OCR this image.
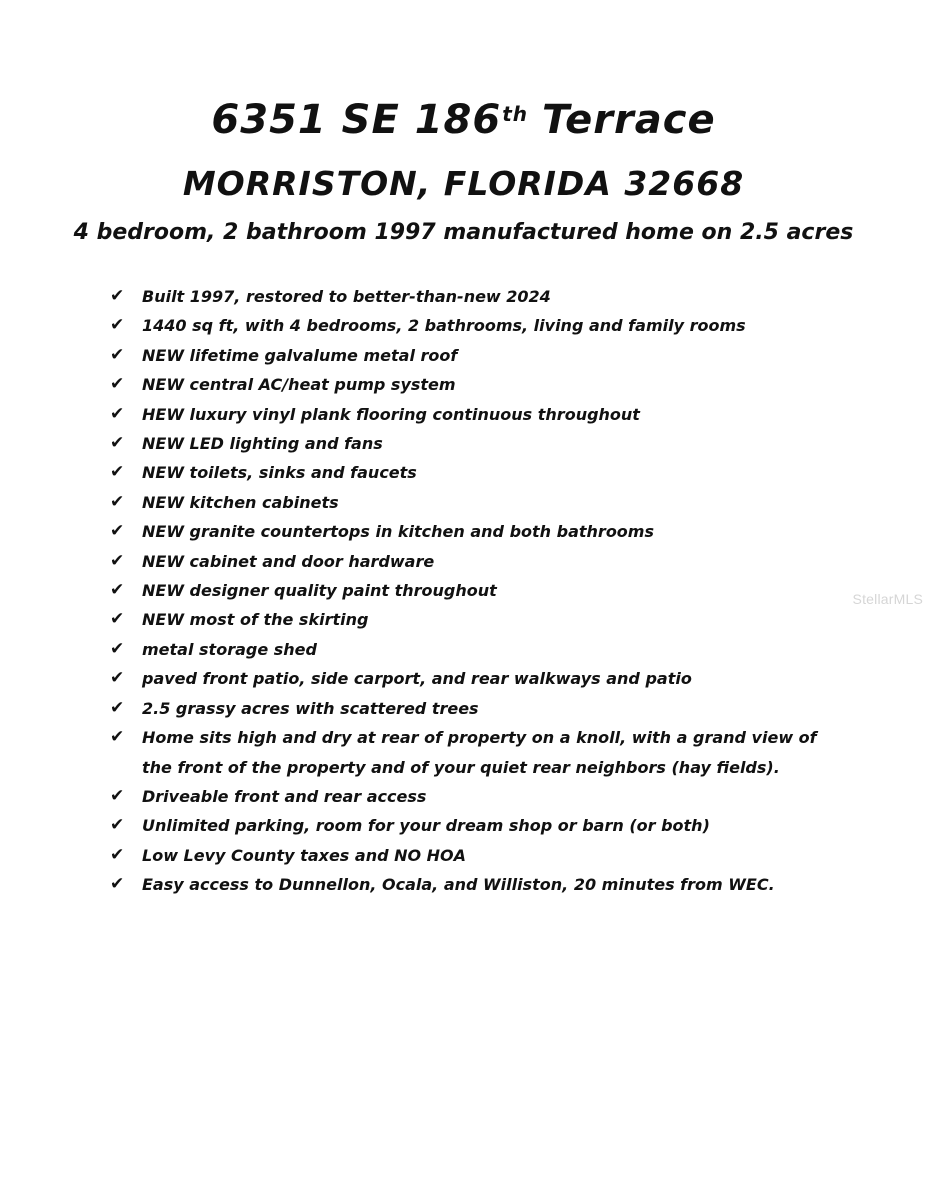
6351 SE 186th Terrace
MORRISTON, FLORIDA 32668
4 bedroom, 2 bathroom 1997 manufactured home on 2.5 acres
✔	Built 1997, restored to better-than-new 2024
✔	1440 sq ft, with 4 bedrooms, 2 bathrooms, living and family rooms
✔	NEW lifetime galvalume metal roof
✔	NEW central AC/heat pump system
✔	HEW luxury vinyl plank flooring continuous throughout
✔	NEW LED lighting and fans
✔	NEW toilets, sinks and faucets
✔	NEW kitchen cabinets
✔	NEW granite countertops in kitchen and both bathrooms
✔	NEW cabinet and door hardware
✔	NEW designer quality paint throughout
✔	NEW most of the skirting
✔	metal storage shed
✔	paved front patio, side carport, and rear walkways and patio
✔	2.5 grassy acres with scattered trees
✔	Home sits high and dry at rear of property on a knoll, with a grand view of the front of the property and of your quiet rear neighbors (hay fields).
✔	Driveable front and rear access
✔	Unlimited parking, room for your dream shop or barn (or both)
✔	Low Levy County taxes and NO HOA
✔	Easy access to Dunnellon, Ocala, and Williston, 20 minutes from WEC.
StellarMLS
